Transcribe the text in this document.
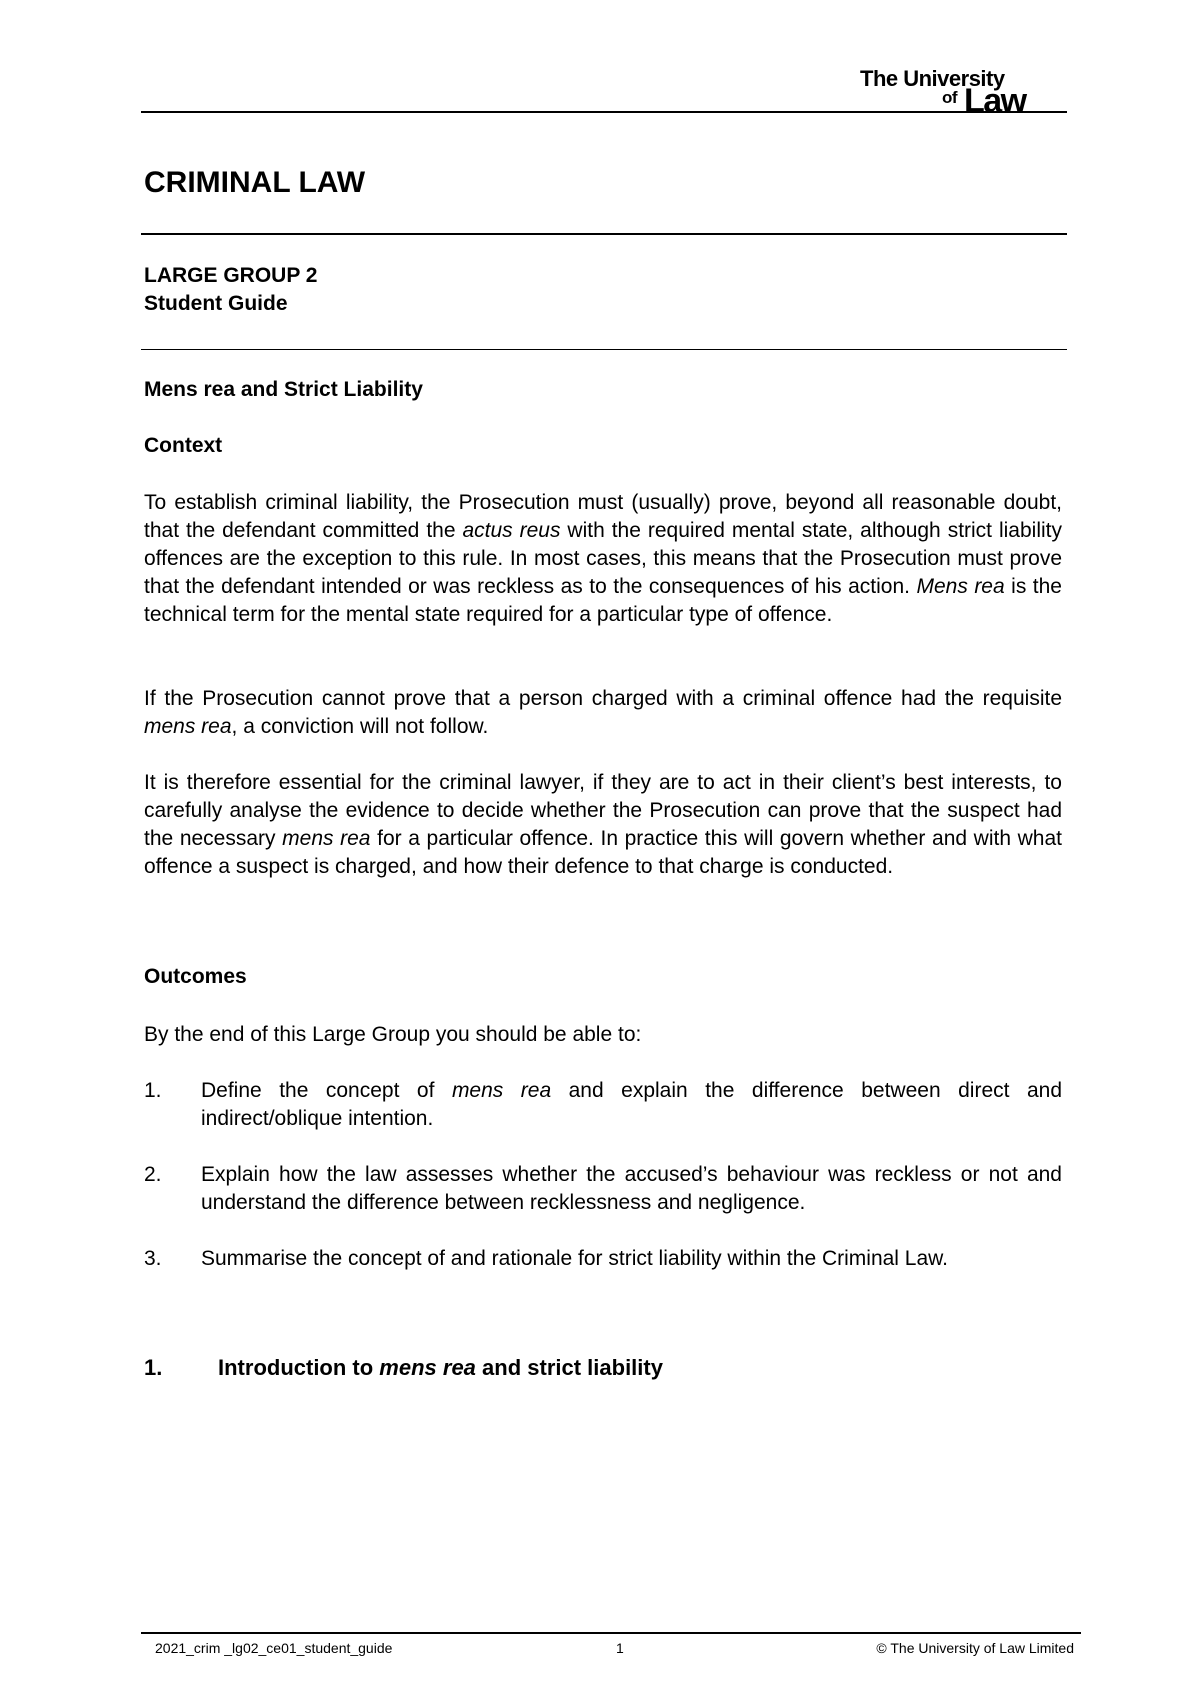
The University
of Law
CRIMINAL LAW
LARGE GROUP 2
Student Guide
Mens rea and Strict Liability
Context

To establish criminal liability, the Prosecution must (usually) prove, beyond all reasonable doubt, that the defendant committed the actus reus with the required mental state, although strict liability offences are the exception to this rule. In most cases, this means that the Prosecution must prove that the defendant intended or was reckless as to the consequences of his action. Mens rea is the technical term for the mental state required for a particular type of offence.

If the Prosecution cannot prove that a person charged with a criminal offence had the requisite mens rea, a conviction will not follow.

It is therefore essential for the criminal lawyer, if they are to act in their client’s best interests, to carefully analyse the evidence to decide whether the Prosecution can prove that the suspect had the necessary mens rea for a particular offence. In practice this will govern whether and with what offence a suspect is charged, and how their defence to that charge is conducted.

Outcomes

By the end of this Large Group you should be able to:

1. Define the concept of mens rea and explain the difference between direct and indirect/oblique intention.
2. Explain how the law assesses whether the accused’s behaviour was reckless or not and understand the difference between recklessness and negligence.
3. Summarise the concept of and rationale for strict liability within the Criminal Law.
1.	Introduction to mens rea and strict liability
2021_crim _lg02_ce01_student_guide	1	© The University of Law Limited
